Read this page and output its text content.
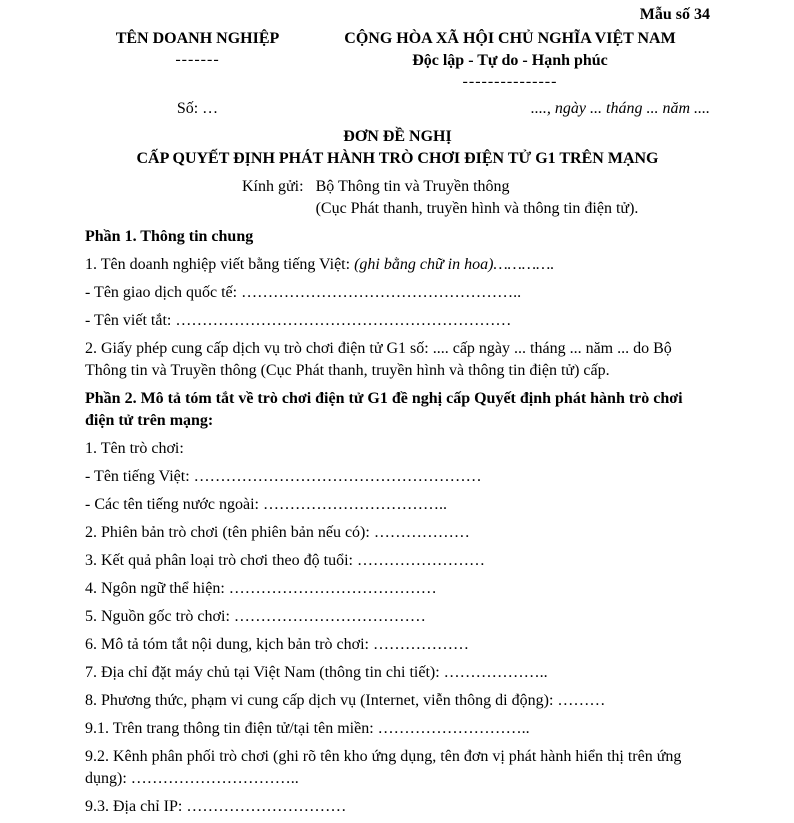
Mẫu số 34
TÊN DOANH NGHIỆP
-------
CỘNG HÒA XÃ HỘI CHỦ NGHĨA VIỆT NAM
Độc lập - Tự do - Hạnh phúc
---------------
Số: …	...., ngày ... tháng ... năm ....
ĐƠN ĐỀ NGHỊ
CẤP QUYẾT ĐỊNH PHÁT HÀNH TRÒ CHƠI ĐIỆN TỬ G1 TRÊN MẠNG
Kính gửi: Bộ Thông tin và Truyền thông
(Cục Phát thanh, truyền hình và thông tin điện tử).

Phần 1. Thông tin chung

1. Tên doanh nghiệp viết bằng tiếng Việt: (ghi bằng chữ in hoa)………….

- Tên giao dịch quốc tế: ……………………………………………..

- Tên viết tắt: ………………………………………………………

2. Giấy phép cung cấp dịch vụ trò chơi điện tử G1 số: .... cấp ngày ... tháng ... năm ... do Bộ Thông tin và Truyền thông (Cục Phát thanh, truyền hình và thông tin điện tử) cấp.

Phần 2. Mô tả tóm tắt về trò chơi điện tử G1 đề nghị cấp Quyết định phát hành trò chơi điện tử trên mạng:

1. Tên trò chơi:

- Tên tiếng Việt: ………………………………………………

- Các tên tiếng nước ngoài: ……………………………..

2. Phiên bản trò chơi (tên phiên bản nếu có): ………………

3. Kết quả phân loại trò chơi theo độ tuổi: ……………………

4. Ngôn ngữ thể hiện: …………………………………

5. Nguồn gốc trò chơi: ………………………………

6. Mô tả tóm tắt nội dung, kịch bản trò chơi: ………………

7. Địa chỉ đặt máy chủ tại Việt Nam (thông tin chi tiết): ………………..

8. Phương thức, phạm vi cung cấp dịch vụ (Internet, viễn thông di động): ………

9.1. Trên trang thông tin điện tử/tại tên miền: ………………………..

9.2. Kênh phân phối trò chơi (ghi rõ tên kho ứng dụng, tên đơn vị phát hành hiển thị trên ứng dụng): …………………………..

9.3. Địa chỉ IP: …………………………
